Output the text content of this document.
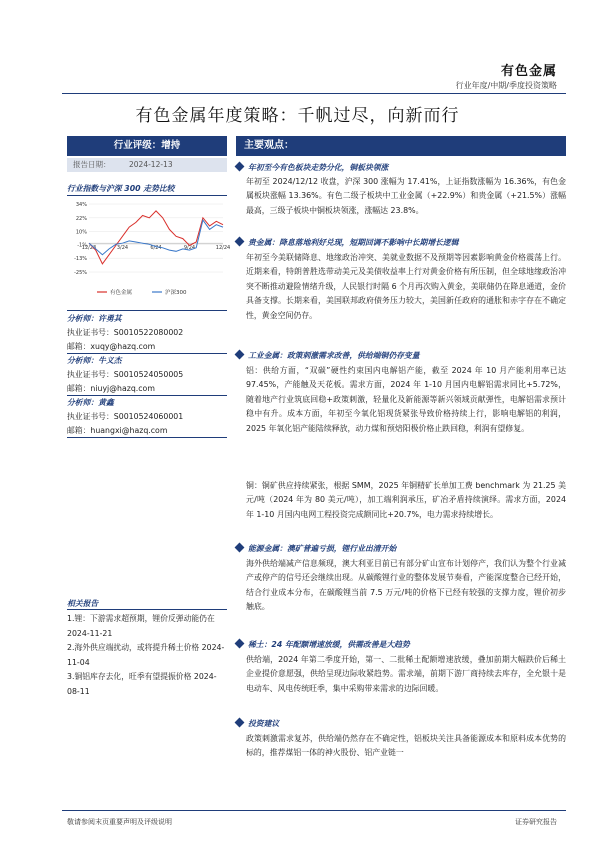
有色金属
行业年度/中期/季度投资策略
有色金属年度策略：千帆过尽，向新而行
行业评级：增持
报告日期： 2024-12-13
行业指数与沪深 300 走势比较
34%
22%
10%
-1%
-13%
-25%
12/23	3/24	6/24	9/24	12/24
有色金属	沪深300
分析师：许勇其
执业证书号：S0010522080002
邮箱：xuqy@hazq.com
分析师：牛义杰
执业证书号：S0010524050005
邮箱：niuyj@hazq.com
分析师：黄鑫
执业证书号：S0010524060001
邮箱：huangxi@hazq.com
相关报告
1.锂：下游需求超预期，锂价反弹动能仍在 2024-11-21
2.海外供应端扰动，或将提升稀土价格 2024-11-04
3.铜铝库存去化，旺季有望提振价格 2024-08-11
主要观点：
年初至今有色板块走势分化，铜板块领涨
年初至 2024/12/12 收盘，沪深 300 涨幅为 17.41%，上证指数涨幅为 16.36%，有色金属板块涨幅 13.36%。有色二级子板块中工业金属（+22.9%）和贵金属（+21.5%）涨幅最高，三级子板块中铜板块领涨，涨幅达 23.8%。
贵金属：降息落地利好兑现，短期回调不影响中长期增长逻辑
年初至今美联储降息、地缘政治冲突、美就业数据不及预期等因素影响黄金价格震荡上行。近期来看，特朗普胜选带动美元及美债收益率上行对黄金价格有所压制，但全球地缘政治冲突不断推动避险情绪升级，人民银行时隔 6 个月再次购入黄金，美联储仍在降息通道，金价具备支撑。长期来看，美国联邦政府债务压力较大，美国新任政府的通胀和赤字存在不确定性，黄金空间仍存。
工业金属：政策刺激需求改善，供给端铜仍存变量
铝：供给方面，“双碳”硬性约束国内电解铝产能，截至 2024 年 10 月产能利用率已达 97.45%，产能触及天花板。需求方面，2024 年 1-10 月国内电解铝需求同比+5.72%，随着地产行业筑底回稳+政策刺激，轻量化及新能源等新兴领域贡献弹性，电解铝需求预计稳中有升。成本方面，年初至今氧化铝现货紧张导致价格持续上行，影响电解铝的利润，2025 年氧化铝产能陆续释放，动力煤和预焙阳极价格止跌回稳，利润有望修复。
铜：铜矿供应持续紧张，根据 SMM，2025 年铜精矿长单加工费 benchmark 为 21.25 美元/吨（2024 年为 80 美元/吨），加工端利润承压，矿冶矛盾持续演绎。需求方面，2024 年 1-10 月国内电网工程投资完成额同比+20.7%，电力需求持续增长。
能源金属：澳矿普遍亏损，锂行业出清开始
海外供给端减产信息频现，澳大利亚目前已有部分矿山宣布计划停产，我们认为整个行业减产或停产的信号还会继续出现。从碳酸锂行业的整体发展节奏看，产能深度整合已经开始，结合行业成本分布，在碳酸锂当前 7.5 万元/吨的价格下已经有较强的支撑力度，锂价初步触底。
稀土：24 年配额增速放缓，供需改善是大趋势
供给端，2024 年第二季度开始，第一、二批稀土配额增速放缓，叠加前期大幅跌价后稀土企业提价意愿强，供给呈现边际收紧趋势。需求端，前期下游厂商持续去库存，全允银十是电动车、风电传统旺季，集中采购带来需求的边际回暖。
投资建议
政策刺激需求复苏，供给端仍然存在不确定性，铝板块关注具备能源成本和原料成本优势的标的，推荐煤铝一体的神火股份、铝产业链一
敬请参阅末页重要声明及评级说明	证券研究报告
